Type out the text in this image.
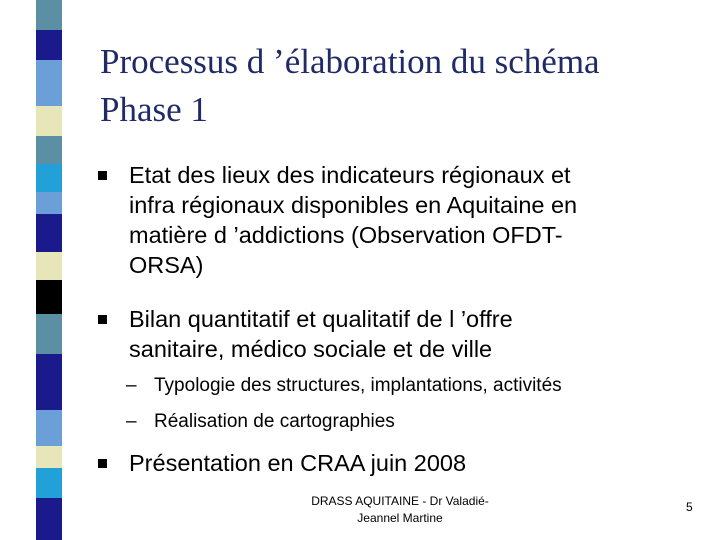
Processus d ’élaboration du schéma
Phase 1
Etat des lieux des indicateurs régionaux et
infra régionaux disponibles en Aquitaine en
matière d ’addictions (Observation OFDT-
ORSA)
Bilan quantitatif et qualitatif de l ’offre
sanitaire, médico sociale et de ville
– Typologie des structures, implantations, activités
– Réalisation de cartographies
Présentation en CRAA juin 2008
DRASS AQUITAINE - Dr Valadié-
Jeannel Martine
5
